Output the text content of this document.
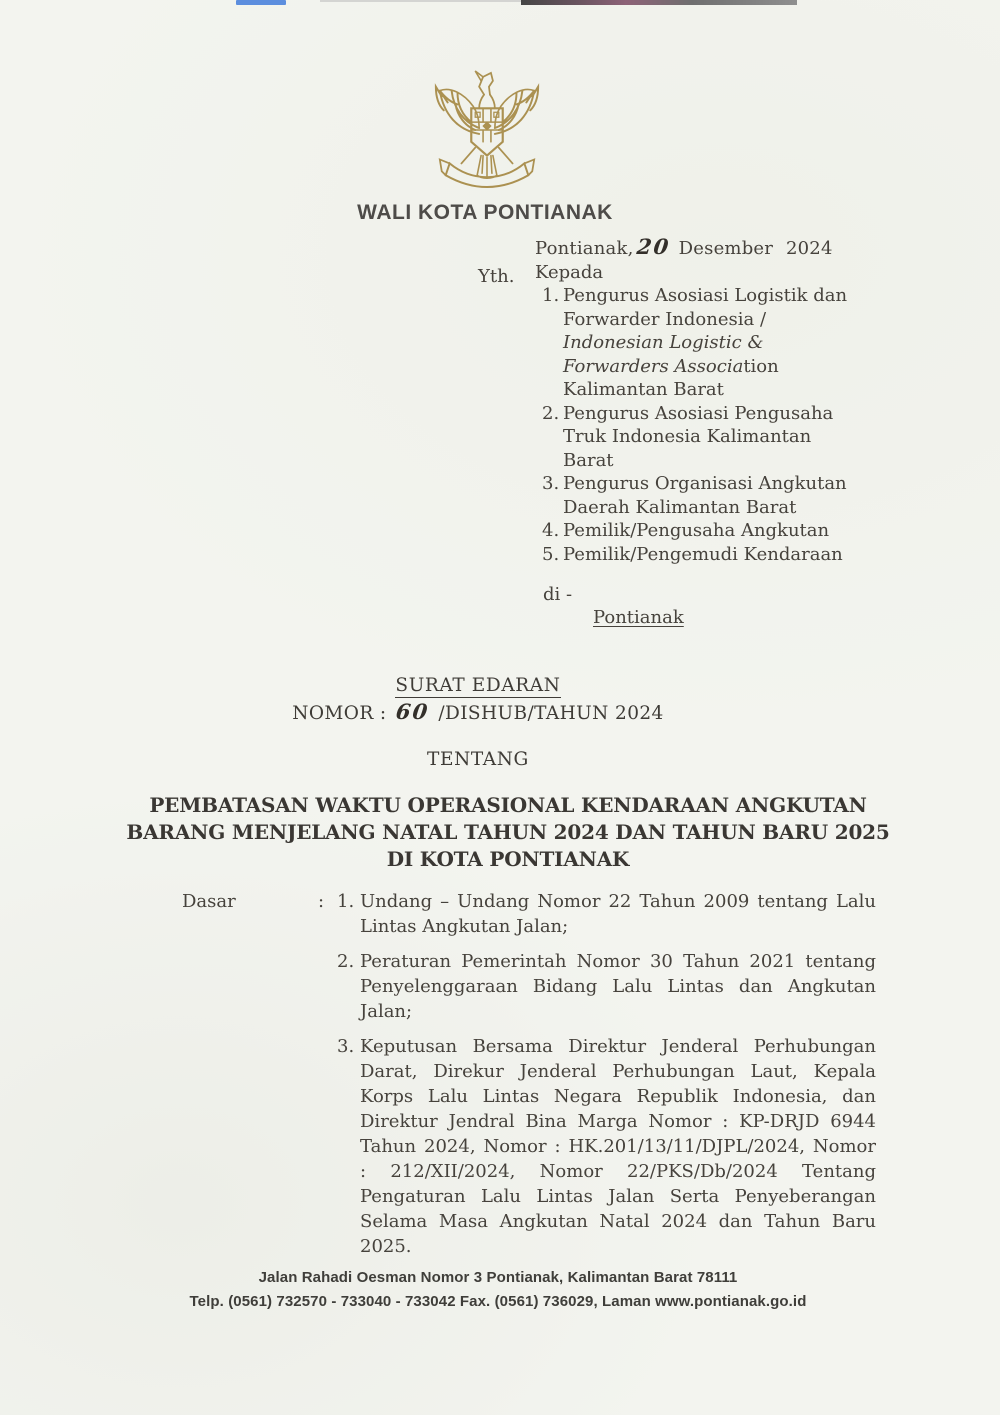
WALI KOTA PONTIANAK
Yth.
Pontianak,20 Desember 2024
Kepada
1. Pengurus Asosiasi Logistik dan
Forwarder Indonesia /
Indonesian Logistic &
Forwarders Association
Kalimantan Barat
2. Pengurus Asosiasi Pengusaha
Truk Indonesia Kalimantan
Barat
3. Pengurus Organisasi Angkutan
Daerah Kalimantan Barat
4. Pemilik/Pengusaha Angkutan
5. Pemilik/Pengemudi Kendaraan
di -
Pontianak
SURAT EDARAN
NOMOR : 60 /DISHUB/TAHUN 2024
TENTANG
PEMBATASAN WAKTU OPERASIONAL KENDARAAN ANGKUTAN
BARANG MENJELANG NATAL TAHUN 2024 DAN TAHUN BARU 2025
DI KOTA PONTIANAK
Dasar	: 1. Undang – Undang Nomor 22 Tahun 2009 tentang Lalu Lintas Angkutan Jalan;
2. Peraturan Pemerintah Nomor 30 Tahun 2021 tentang Penyelenggaraan Bidang Lalu Lintas dan Angkutan Jalan;
3. Keputusan Bersama Direktur Jenderal Perhubungan Darat, Direkur Jenderal Perhubungan Laut, Kepala Korps Lalu Lintas Negara Republik Indonesia, dan Direktur Jendral Bina Marga Nomor : KP-DRJD 6944 Tahun 2024, Nomor : HK.201/13/11/DJPL/2024, Nomor : 212/XII/2024, Nomor 22/PKS/Db/2024 Tentang Pengaturan Lalu Lintas Jalan Serta Penyeberangan Selama Masa Angkutan Natal 2024 dan Tahun Baru 2025.
Jalan Rahadi Oesman Nomor 3 Pontianak, Kalimantan Barat 78111
Telp. (0561) 732570 - 733040 - 733042 Fax. (0561) 736029, Laman www.pontianak.go.id
